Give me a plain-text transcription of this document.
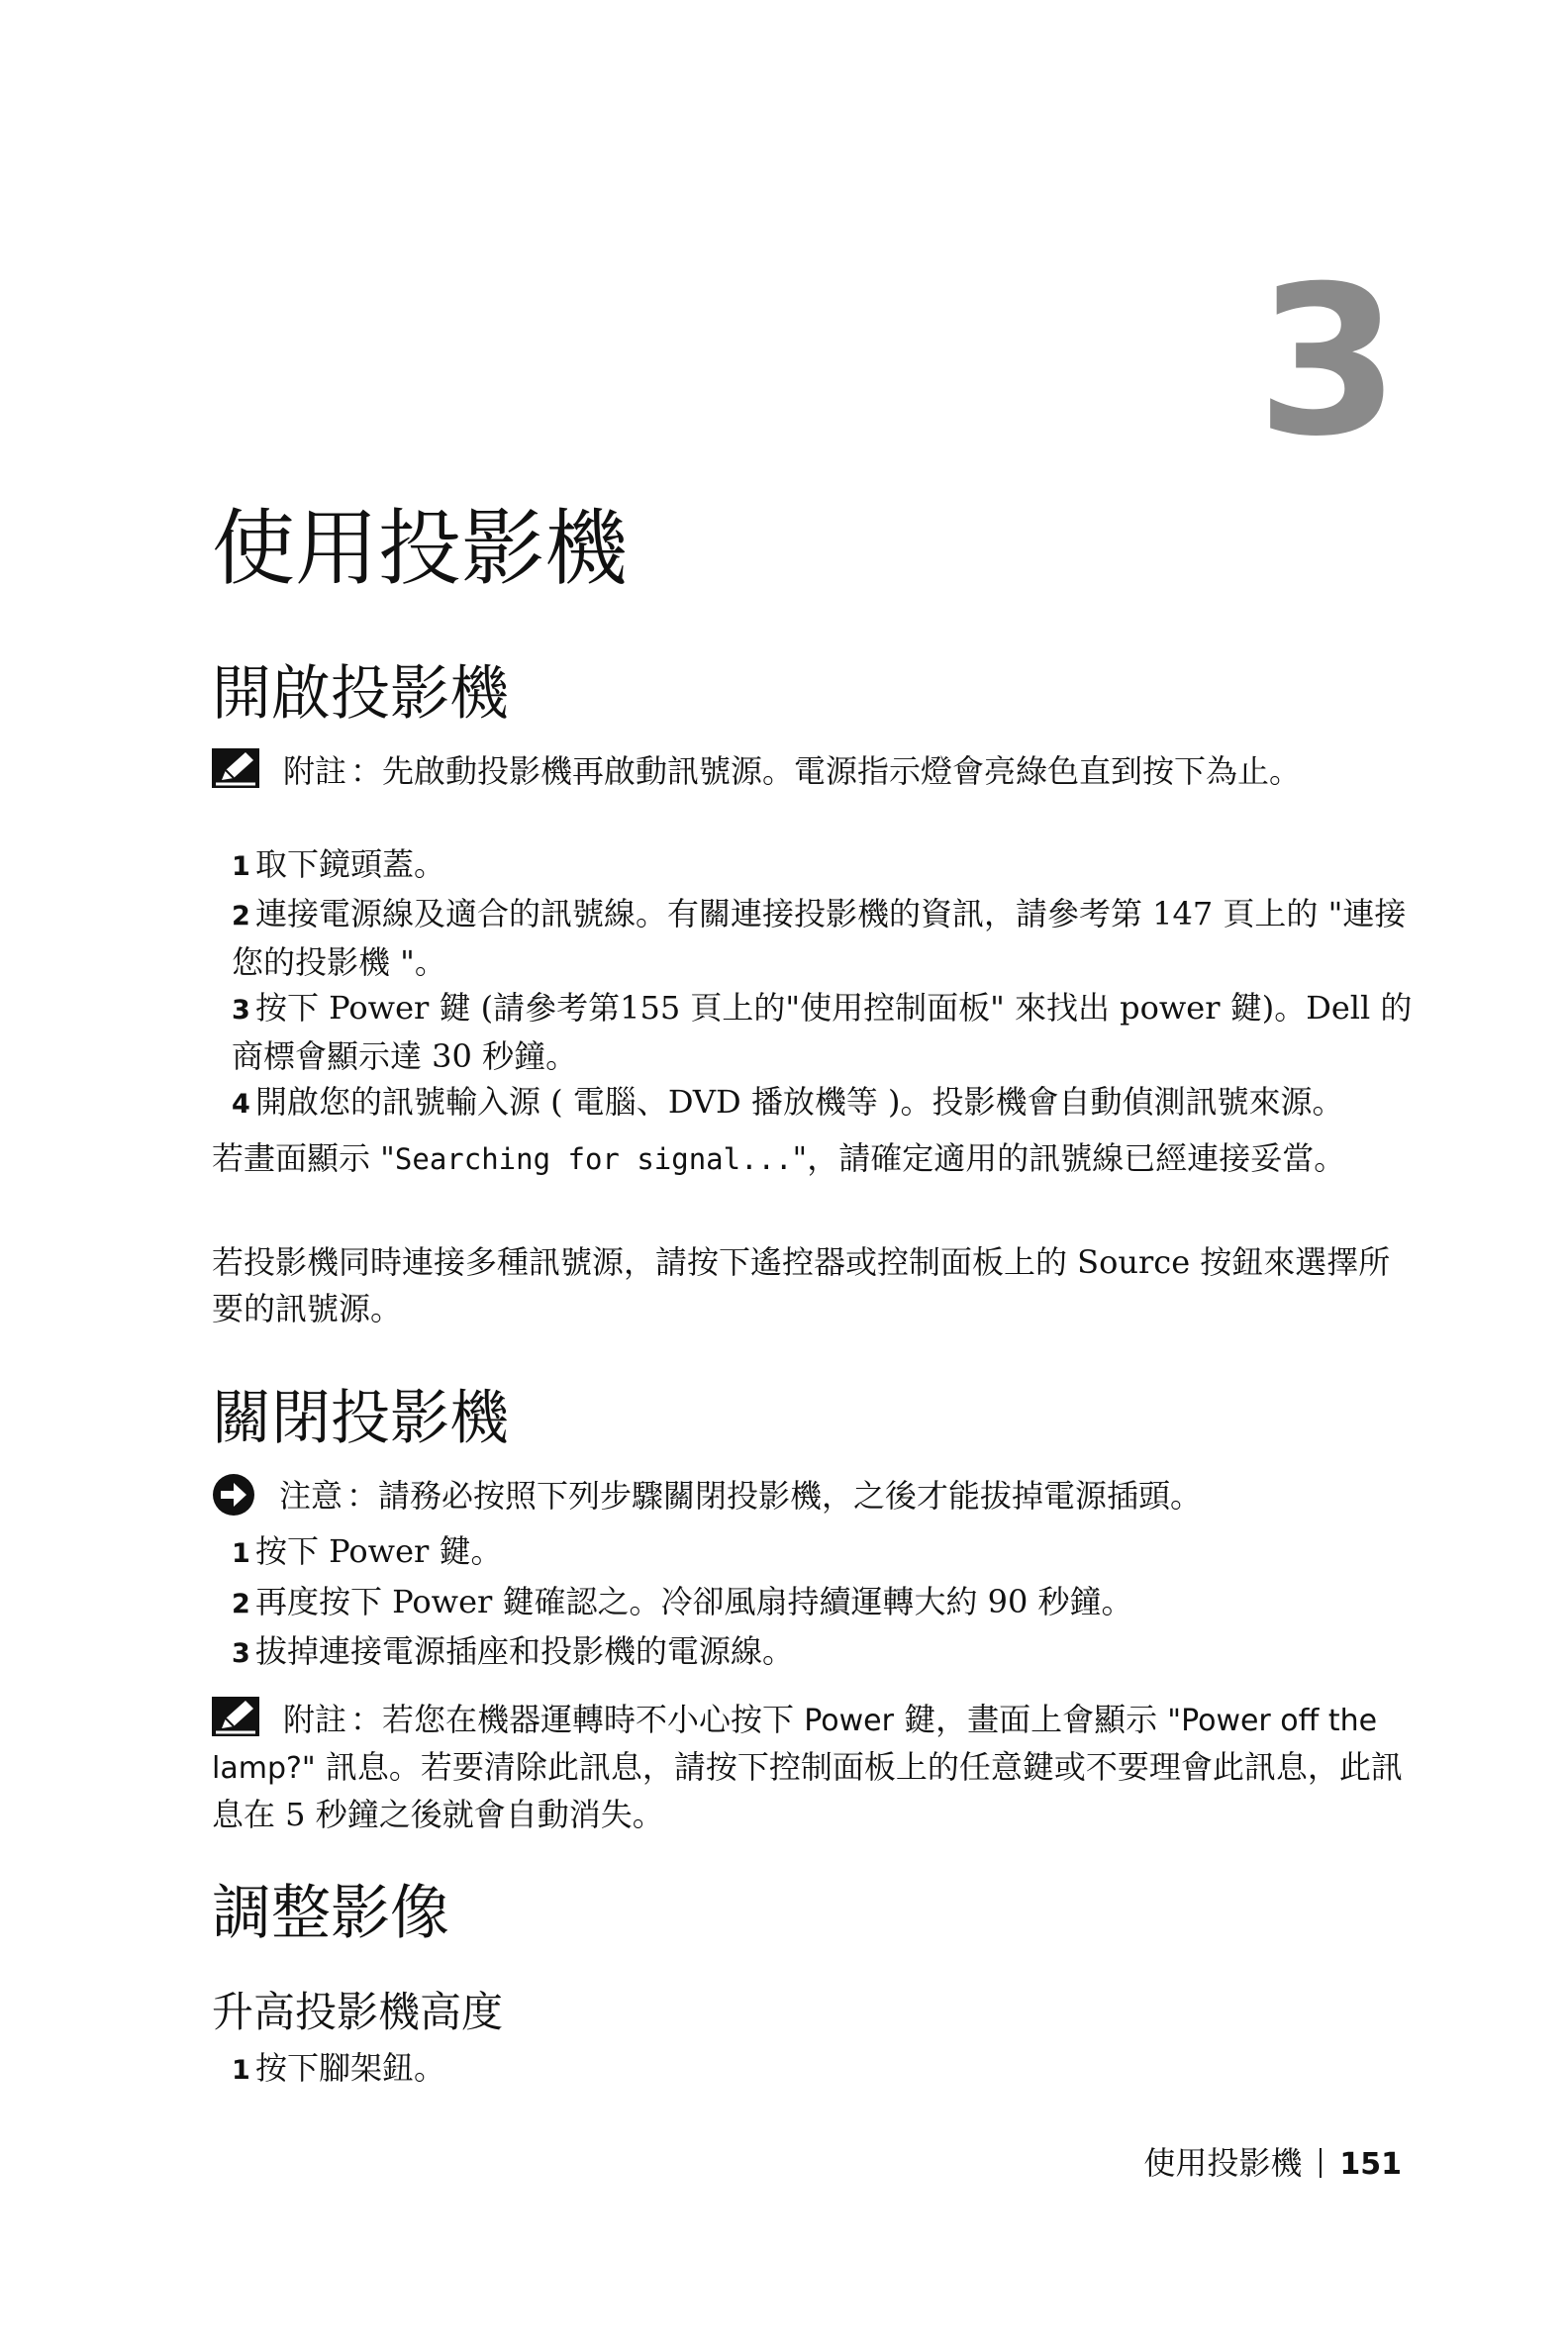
3
使用投影機
開啟投影機
附註 ：先啟動投影機再啟動訊號源。電源指示燈會亮綠色直到按下為止。
1 取下鏡頭蓋。
2 連接電源線及適合的訊號線。有關連接投影機的資訊，請參考第 147 頁上的 "連接您的投影機 "。
3 按下 Power 鍵 (請參考第155 頁上的"使用控制面板" 來找出 power 鍵)。Dell 的商標會顯示達 30 秒鐘。
4 開啟您的訊號輸入源 ( 電腦、DVD 播放機等 )。投影機會自動偵測訊號來源。
若畫面顯示 "Searching for signal..."，請確定適用的訊號線已經連接妥當。
若投影機同時連接多種訊號源，請按下遙控器或控制面板上的 Source 按鈕來選擇所要的訊號源。
關閉投影機
注意 ：請務必按照下列步驟關閉投影機，之後才能拔掉電源插頭。
1 按下 Power 鍵。
2 再度按下 Power 鍵確認之。冷卻風扇持續運轉大約 90 秒鐘。
3 拔掉連接電源插座和投影機的電源線。
附註 ：若您在機器運轉時不小心按下 Power 鍵，畫面上會顯示 "Power off the lamp?" 訊息。若要清除此訊息，請按下控制面板上的任意鍵或不要理會此訊息，此訊息在 5 秒鐘之後就會自動消失。
調整影像
升高投影機高度
1 按下腳架鈕。
使用投影機 151
